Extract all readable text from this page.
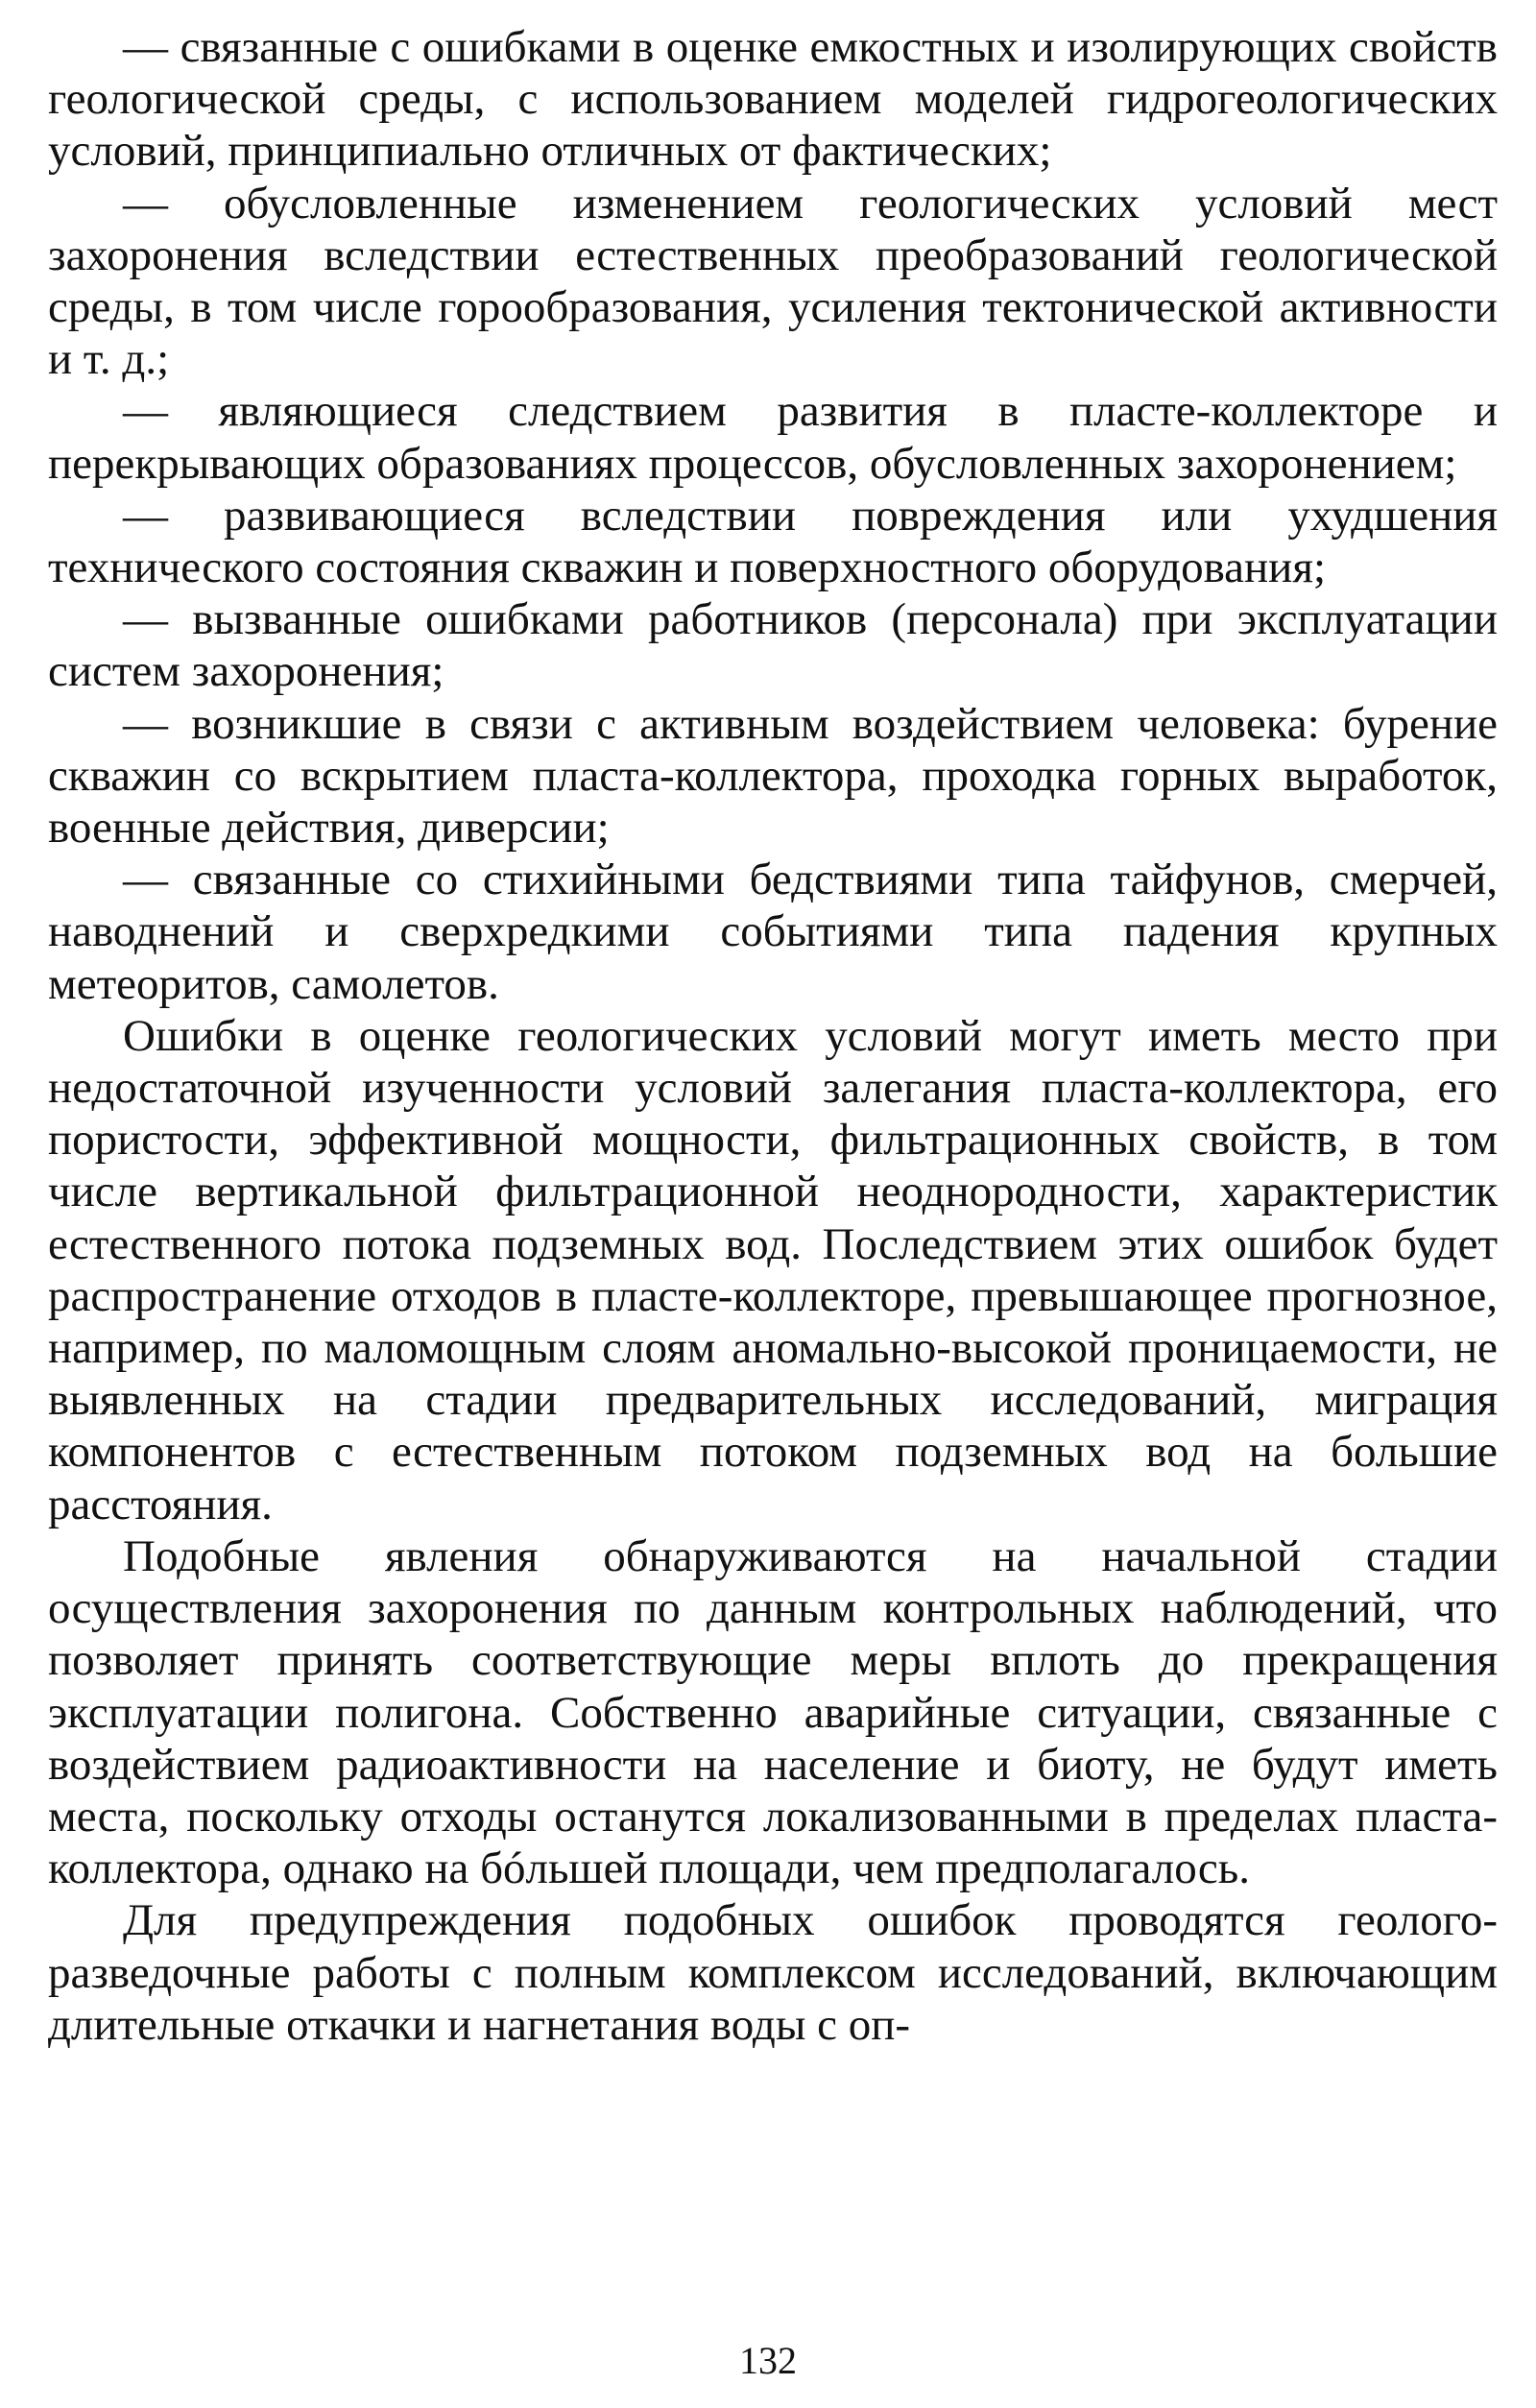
— связанные с ошибками в оценке емкостных и изолирующих свойств геологической среды, с использованием моделей гидрогеологических условий, принципиально отличных от фактических;
— обусловленные изменением геологических условий мест захоронения вследствии естественных преобразований геологической среды, в том числе горообразования, усиления тектонической активности и т. д.;
— являющиеся следствием развития в пласте-коллекторе и перекрывающих образованиях процессов, обусловленных захоронением;
— развивающиеся вследствии повреждения или ухудшения технического состояния скважин и поверхностного оборудования;
— вызванные ошибками работников (персонала) при эксплуатации систем захоронения;
— возникшие в связи с активным воздействием человека: бурение скважин со вскрытием пласта-коллектора, проходка горных выработок, военные действия, диверсии;
— связанные со стихийными бедствиями типа тайфунов, смерчей, наводнений и сверхредкими событиями типа падения крупных метеоритов, самолетов.

Ошибки в оценке геологических условий могут иметь место при недостаточной изученности условий залегания пласта-коллектора, его пористости, эффективной мощности, фильтрационных свойств, в том числе вертикальной фильтрационной неоднородности, характеристик естественного потока подземных вод. Последствием этих ошибок будет распространение отходов в пласте-коллекторе, превышающее прогнозное, например, по маломощным слоям аномально-высокой проницаемости, не выявленных на стадии предварительных исследований, миграция компонентов с естественным потоком подземных вод на большие расстояния.

Подобные явления обнаруживаются на начальной стадии осуществления захоронения по данным контрольных наблюдений, что позволяет принять соответствующие меры вплоть до прекращения эксплуатации полигона. Собственно аварийные ситуации, связанные с воздействием радиоактивности на население и биоту, не будут иметь места, поскольку отходы останутся локализованными в пределах пласта-коллектора, однако на бóльшей площади, чем предполагалось.

Для предупреждения подобных ошибок проводятся геолого-разведочные работы с полным комплексом исследований, включающим длительные откачки и нагнетания воды с оп-

132
